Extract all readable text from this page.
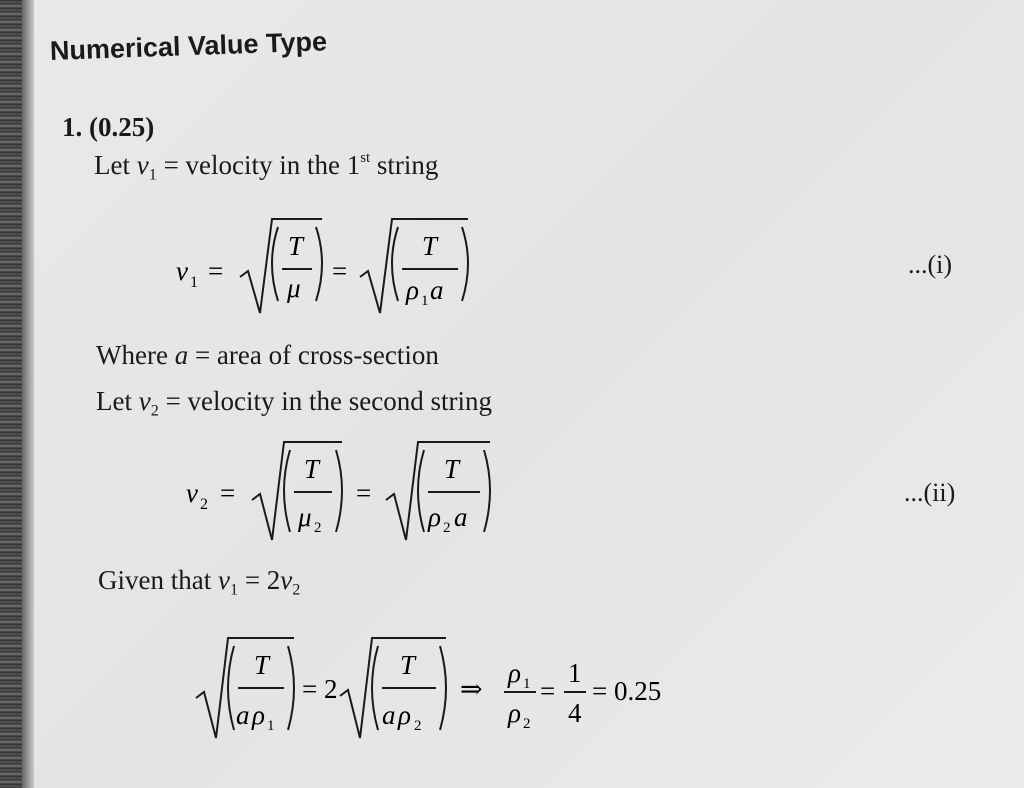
Numerical Value Type
1. (0.25)
Let $v_1$ = velocity in the 1st string
v 1 =
T
μ
=
T
ρ 1 a
...(i)
Where a = area of cross-section
Let $v_2$ = velocity in the second string
v 2 =
T
μ 2
=
T
ρ 2 a
...(ii)
Given that $v_1 = 2v_2$
T
a ρ 1
= 2
T
a ρ 2
⇒
ρ 1
ρ 2
=
1
4
= 0.25
